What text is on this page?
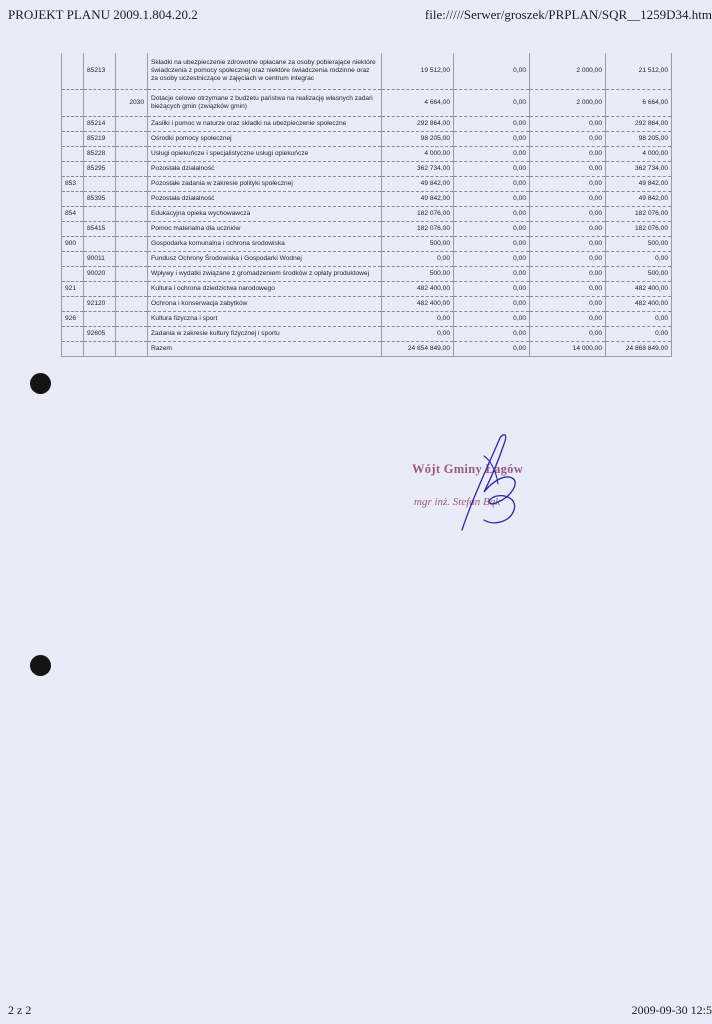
PROJEKT PLANU 2009.1.804.20.2	file://///Serwer/groszek/PRPLAN/SQR__1259D34.htm
	85213		Składki na ubezpieczenie zdrowotne opłacane za osoby pobierające niektóre świadczenia z pomocy społecznej oraz niektóre świadczenia rodzinne oraz za osoby uczestniczące w zajęciach w centrum integrac	19 512,00	0,00	2 000,00	21 512,00
		2030	Dotacje celowe otrzymane z budżetu państwa na realizację własnych zadań bieżących gmin (związków gmin)	4 664,00	0,00	2 000,00	6 664,00
	85214		Zasiłki i pomoc w naturze oraz składki na ubezpieczenie społeczne	292 864,00	0,00	0,00	292 864,00
	85219		Ośrodki pomocy społecznej	98 205,00	0,00	0,00	98 205,00
	85228		Usługi opiekuńcze i specjalistyczne usługi opiekuńcze	4 000,00	0,00	0,00	4 000,00
	85295		Pozostała działalność	362 734,00	0,00	0,00	362 734,00
853			Pozostałe zadania w zakresie polityki społecznej	49 842,00	0,00	0,00	49 842,00
	85395		Pozostała działalność	49 842,00	0,00	0,00	49 842,00
854			Edukacyjna opieka wychowawcza	182 076,00	0,00	0,00	182 076,00
	85415		Pomoc materialna dla uczniów	182 076,00	0,00	0,00	182 076,00
900			Gospodarka komunalna i ochrona środowiska	500,00	0,00	0,00	500,00
	90011		Fundusz Ochrony Środowiska i Gospodarki Wodnej	0,00	0,00	0,00	0,00
	90020		Wpływy i wydatki związane z gromadzeniem środków z opłaty produktowej	500,00	0,00	0,00	500,00
921			Kultura i ochrona dziedzictwa narodowego	482 400,00	0,00	0,00	482 400,00
	92120		Ochrona i konserwacja zabytków	482 400,00	0,00	0,00	482 400,00
926			Kultura fizyczna i sport	0,00	0,00	0,00	0,00
	92605		Zadania w zakresie kultury fizycznej i sportu	0,00	0,00	0,00	0,00
			Razem	24 854 849,00	0,00	14 000,00	24 868 849,00
Wójt Gminy Łagów
mgr inż. Stefan Bąk
2 z 2	2009-09-30 12:5
